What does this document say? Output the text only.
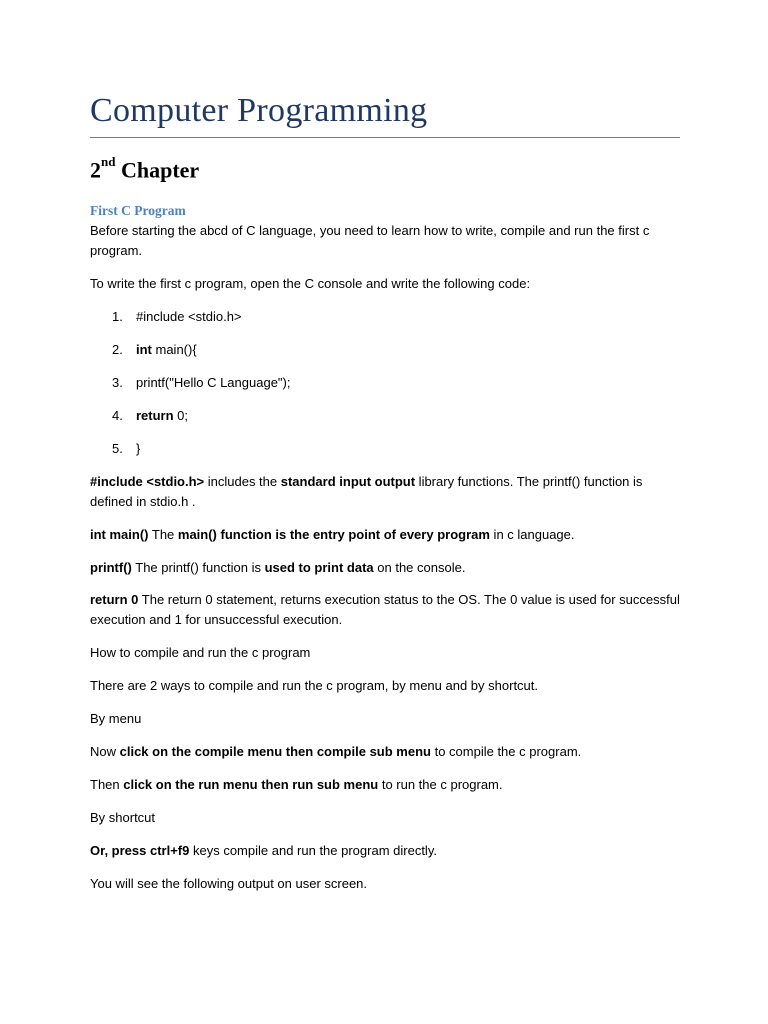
Computer Programming
2nd Chapter
First C Program
Before starting the abcd of C language, you need to learn how to write, compile and run the first c program.
To write the first c program, open the C console and write the following code:
1. #include <stdio.h>
2. int main(){
3. printf("Hello C Language");
4. return 0;
5. }
#include <stdio.h> includes the standard input output library functions. The printf() function is defined in stdio.h .
int main() The main() function is the entry point of every program in c language.
printf() The printf() function is used to print data on the console.
return 0 The return 0 statement, returns execution status to the OS. The 0 value is used for successful execution and 1 for unsuccessful execution.
How to compile and run the c program
There are 2 ways to compile and run the c program, by menu and by shortcut.
By menu
Now click on the compile menu then compile sub menu to compile the c program.
Then click on the run menu then run sub menu to run the c program.
By shortcut
Or, press ctrl+f9 keys compile and run the program directly.
You will see the following output on user screen.
